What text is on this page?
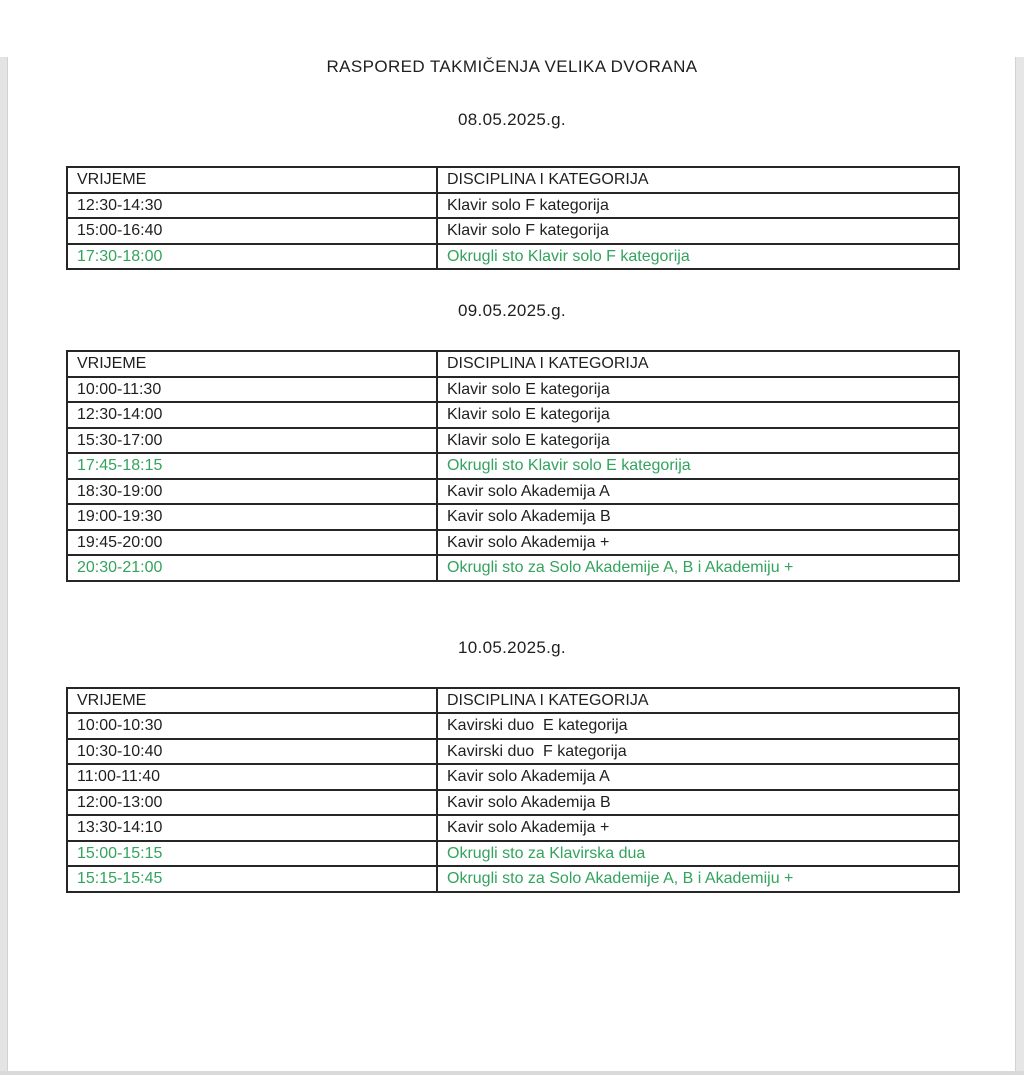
RASPORED TAKMIČENJA VELIKA DVORANA
08.05.2025.g.
VRIJEME	DISCIPLINA I KATEGORIJA
12:30-14:30	Klavir solo F kategorija
15:00-16:40	Klavir solo F kategorija
17:30-18:00	Okrugli sto Klavir solo F kategorija
09.05.2025.g.
VRIJEME	DISCIPLINA I KATEGORIJA
10:00-11:30	Klavir solo E kategorija
12:30-14:00	Klavir solo E kategorija
15:30-17:00	Klavir solo E kategorija
17:45-18:15	Okrugli sto Klavir solo E kategorija
18:30-19:00	Kavir solo Akademija A
19:00-19:30	Kavir solo Akademija B
19:45-20:00	Kavir solo Akademija +
20:30-21:00	Okrugli sto za Solo Akademije A, B i Akademiju +
10.05.2025.g.
VRIJEME	DISCIPLINA I KATEGORIJA
10:00-10:30	Kavirski duo  E kategorija
10:30-10:40	Kavirski duo  F kategorija
11:00-11:40	Kavir solo Akademija A
12:00-13:00	Kavir solo Akademija B
13:30-14:10	Kavir solo Akademija +
15:00-15:15	Okrugli sto za Klavirska dua
15:15-15:45	Okrugli sto za Solo Akademije A, B i Akademiju +
